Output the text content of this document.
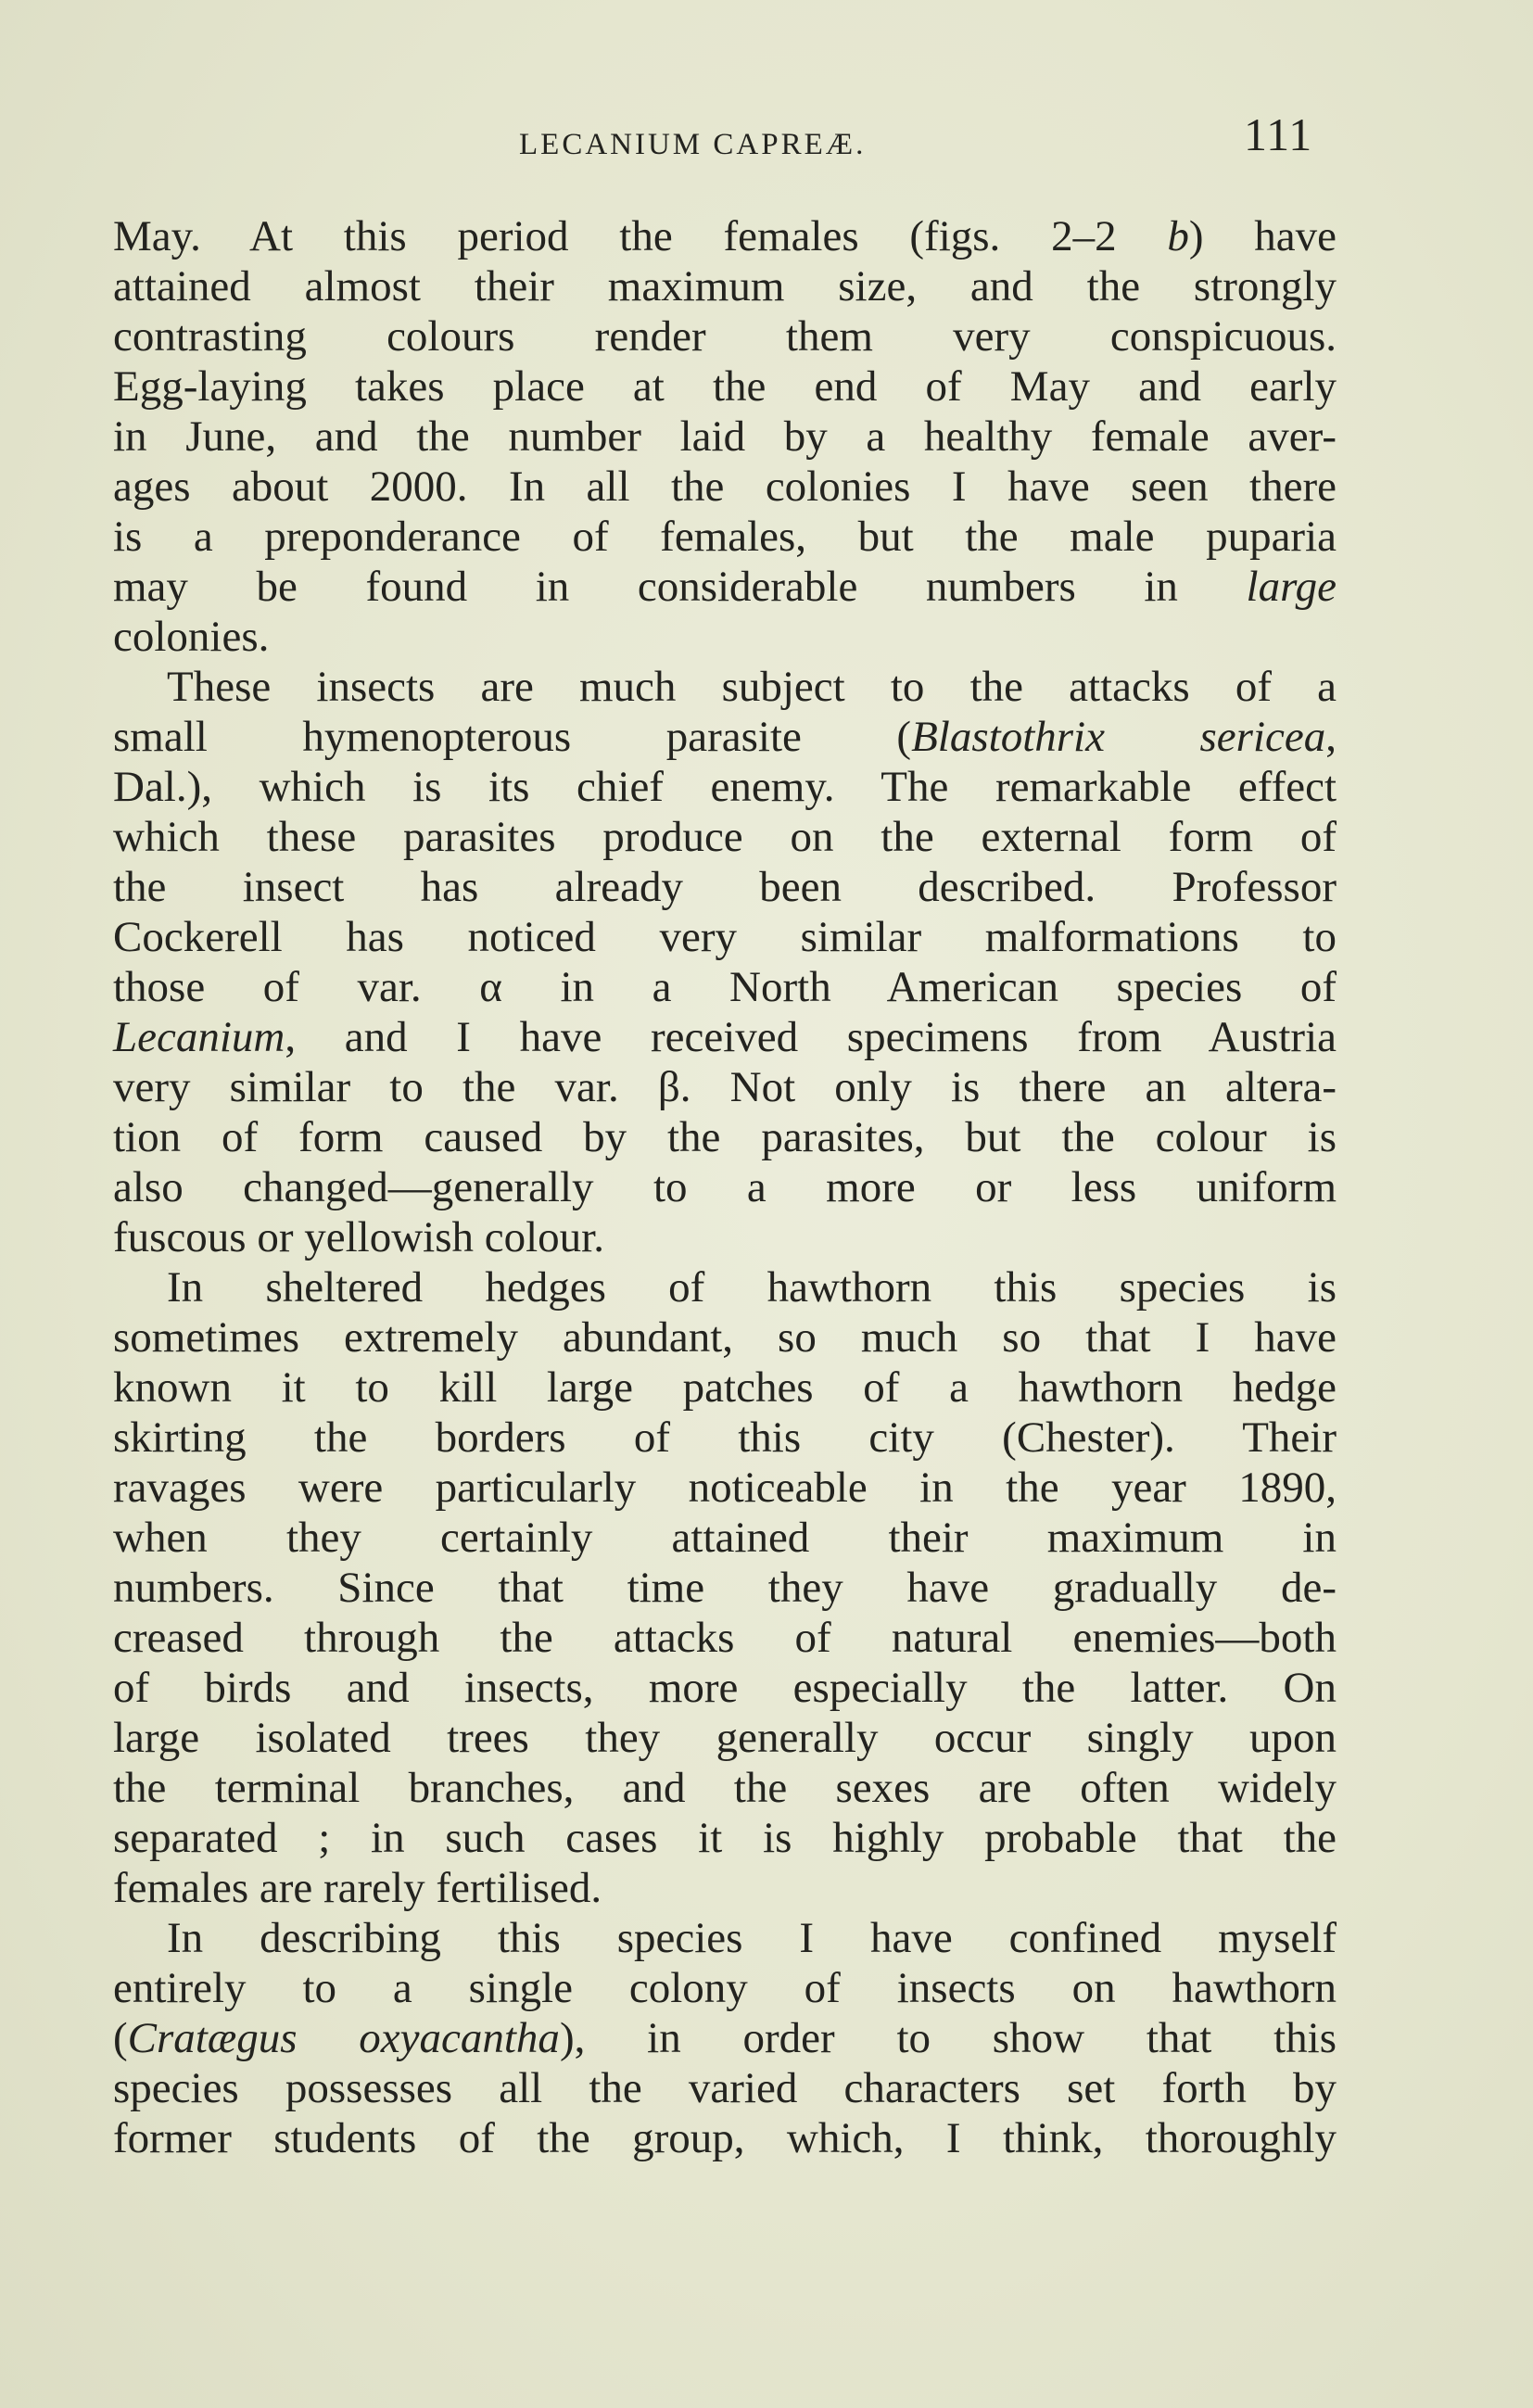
LECANIUM CAPREÆ.	111
May. At this period the females (figs. 2–2 b) have
attained almost their maximum size, and the strongly
contrasting colours render them very conspicuous.
Egg-laying takes place at the end of May and early
in June, and the number laid by a healthy female aver-
ages about 2000. In all the colonies I have seen there
is a preponderance of females, but the male puparia
may be found in considerable numbers in large
colonies.
These insects are much subject to the attacks of a
small hymenopterous parasite (Blastothrix sericea,
Dal.), which is its chief enemy. The remarkable effect
which these parasites produce on the external form of
the insect has already been described. Professor
Cockerell has noticed very similar malformations to
those of var. α in a North American species of
Lecanium, and I have received specimens from Austria
very similar to the var. β. Not only is there an altera-
tion of form caused by the parasites, but the colour is
also changed—generally to a more or less uniform
fuscous or yellowish colour.
In sheltered hedges of hawthorn this species is
sometimes extremely abundant, so much so that I have
known it to kill large patches of a hawthorn hedge
skirting the borders of this city (Chester). Their
ravages were particularly noticeable in the year 1890,
when they certainly attained their maximum in
numbers. Since that time they have gradually de-
creased through the attacks of natural enemies—both
of birds and insects, more especially the latter. On
large isolated trees they generally occur singly upon
the terminal branches, and the sexes are often widely
separated ; in such cases it is highly probable that the
females are rarely fertilised.
In describing this species I have confined myself
entirely to a single colony of insects on hawthorn
(Cratægus oxyacantha), in order to show that this
species possesses all the varied characters set forth by
former students of the group, which, I think, thoroughly
